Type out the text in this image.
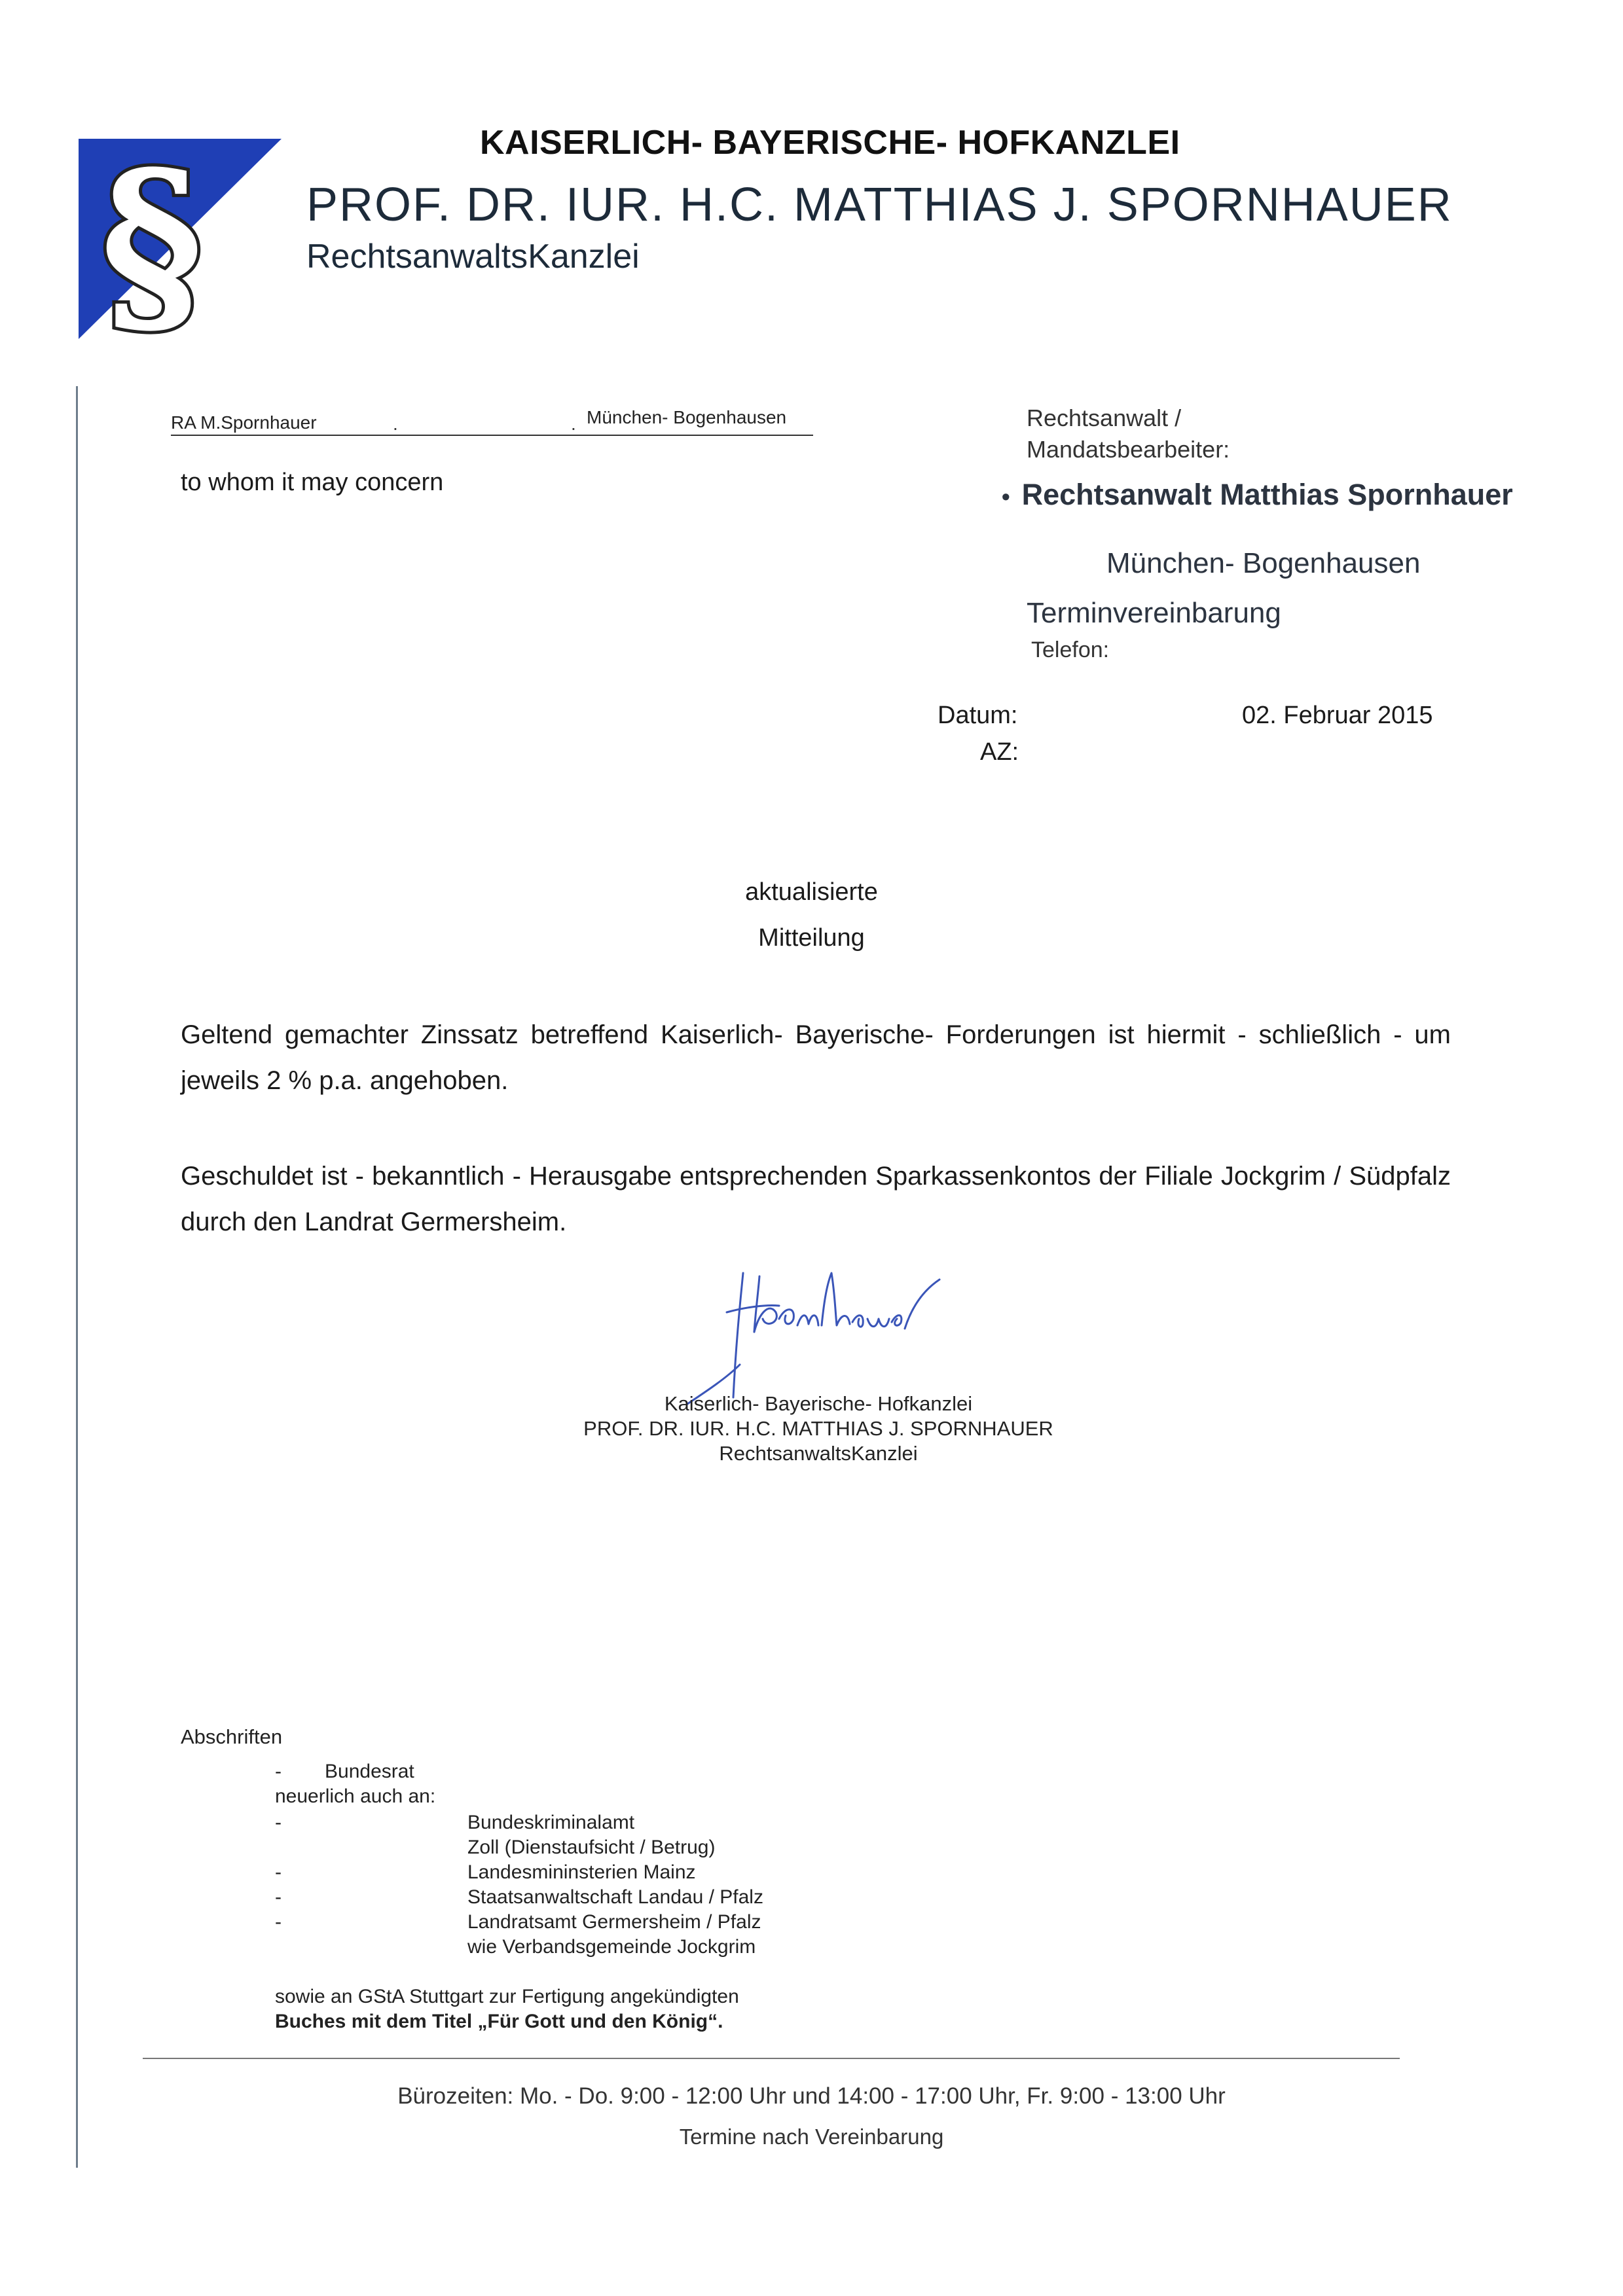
§	KAISERLICH- BAYERISCHE- HOFKANZLEI
PROF. DR. IUR. H.C. MATTHIAS J. SPORNHAUER
RechtsanwaltsKanzlei
RA M.Spornhauer	.	. München- Bogenhausen
to whom it may concern
Rechtsanwalt /
Mandatsbearbeiter:
• Rechtsanwalt Matthias Spornhauer
München- Bogenhausen
Terminvereinbarung
Telefon:
Datum:	02. Februar 2015
AZ:
aktualisierte
Mitteilung
Geltend gemachter Zinssatz betreffend Kaiserlich- Bayerische- Forderungen ist hiermit - schließlich - um jeweils 2 % p.a. angehoben.
Geschuldet ist - bekanntlich - Herausgabe entsprechenden Sparkassenkontos der Filiale Jockgrim / Südpfalz durch den Landrat Germersheim.
Kaiserlich- Bayerische- Hofkanzlei
PROF. DR. IUR. H.C. MATTHIAS J. SPORNHAUER
RechtsanwaltsKanzlei
Abschriften
- Bundesrat
neuerlich auch an:
-	Bundeskriminalamt
Zoll (Dienstaufsicht / Betrug)
-	Landesmininsterien Mainz
-	Staatsanwaltschaft Landau / Pfalz
-	Landratsamt Germersheim / Pfalz
wie Verbandsgemeinde Jockgrim
sowie an GStA Stuttgart zur Fertigung angekündigten
Buches mit dem Titel „Für Gott und den König“.
Bürozeiten: Mo. - Do. 9:00 - 12:00 Uhr und 14:00 - 17:00 Uhr, Fr. 9:00 - 13:00 Uhr
Termine nach Vereinbarung
